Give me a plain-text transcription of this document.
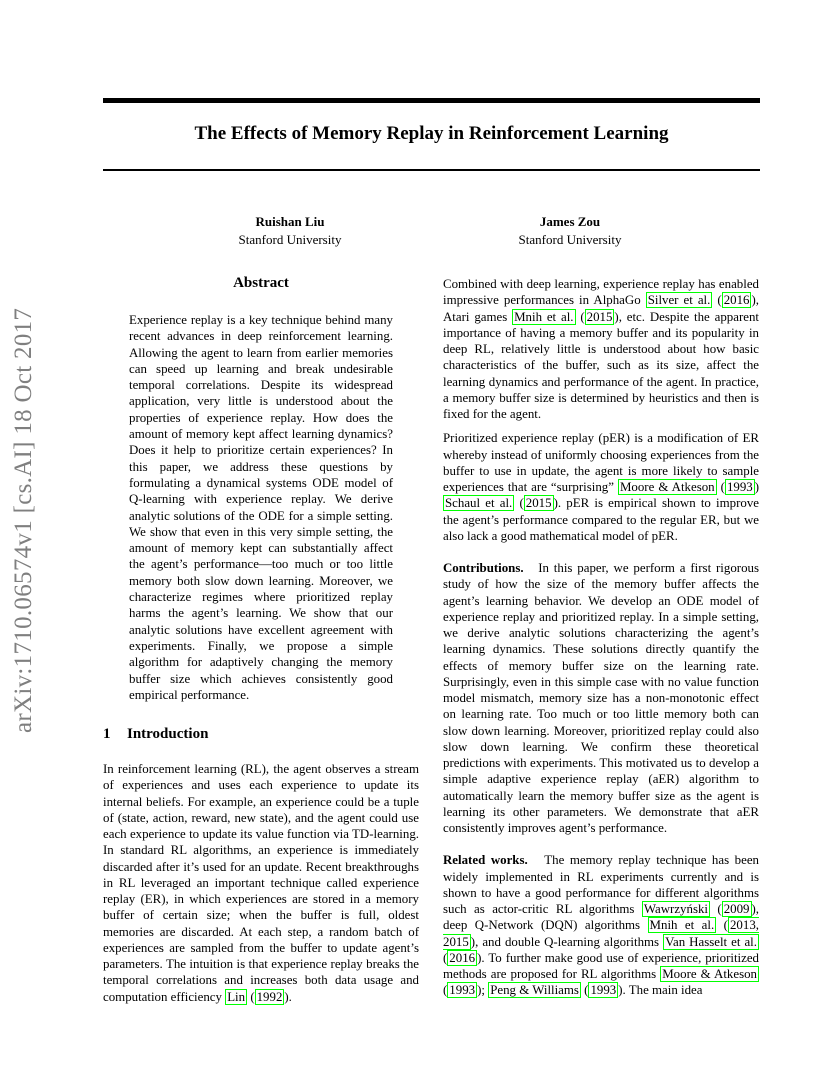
The Effects of Memory Replay in Reinforcement Learning
Ruishan Liu
Stanford University
James Zou
Stanford University
arXiv:1710.06574v1 [cs.AI] 18 Oct 2017
Abstract
Experience replay is a key technique behind many recent advances in deep reinforcement learning. Allowing the agent to learn from earlier memories can speed up learning and break undesirable temporal correlations. Despite its widespread application, very little is understood about the properties of experience replay. How does the amount of memory kept affect learning dynamics? Does it help to prioritize certain experiences? In this paper, we address these questions by formulating a dynamical systems ODE model of Q-learning with experience replay. We derive analytic solutions of the ODE for a simple setting. We show that even in this very simple setting, the amount of memory kept can substantially affect the agent’s performance—too much or too little memory both slow down learning. Moreover, we characterize regimes where prioritized replay harms the agent’s learning. We show that our analytic solutions have excellent agreement with experiments. Finally, we propose a simple algorithm for adaptively changing the memory buffer size which achieves consistently good empirical performance.
1 Introduction

In reinforcement learning (RL), the agent observes a stream of experiences and uses each experience to update its internal beliefs. For example, an experience could be a tuple of (state, action, reward, new state), and the agent could use each experience to update its value function via TD-learning. In standard RL algorithms, an experience is immediately discarded after it’s used for an update. Recent breakthroughs in RL leveraged an important technique called experience replay (ER), in which experiences are stored in a memory buffer of certain size; when the buffer is full, oldest memories are discarded. At each step, a random batch of experiences are sampled from the buffer to update agent’s parameters. The intuition is that experience replay breaks the temporal correlations and increases both data usage and computation efficiency Lin ( 1992 ).

Combined with deep learning, experience replay has enabled impressive performances in AlphaGo Silver et al. ( 2016 ), Atari games Mnih et al. ( 2015 ), etc. Despite the apparent importance of having a memory buffer and its popularity in deep RL, relatively little is understood about how basic characteristics of the buffer, such as its size, affect the learning dynamics and performance of the agent. In practice, a memory buffer size is determined by heuristics and then is fixed for the agent.

Prioritized experience replay (pER) is a modification of ER whereby instead of uniformly choosing experiences from the buffer to use in update, the agent is more likely to sample experiences that are “surprising” Moore & Atkeson ( 1993 ) Schaul et al. ( 2015 ). pER is empirical shown to improve the agent’s performance compared to the regular ER, but we also lack a good mathematical model of pER.

Contributions. In this paper, we perform a first rigorous study of how the size of the memory buffer affects the agent’s learning behavior. We develop an ODE model of experience replay and prioritized replay. In a simple setting, we derive analytic solutions characterizing the agent’s learning dynamics. These solutions directly quantify the effects of memory buffer size on the learning rate. Surprisingly, even in this simple case with no value function model mismatch, memory size has a non-monotonic effect on learning rate. Too much or too little memory both can slow down learning. Moreover, prioritized replay could also slow down learning. We confirm these theoretical predictions with experiments. This motivated us to develop a simple adaptive experience replay (aER) algorithm to automatically learn the memory buffer size as the agent is learning its other parameters. We demonstrate that aER consistently improves agent’s performance.

Related works. The memory replay technique has been widely implemented in RL experiments currently and is shown to have a good performance for different algorithms such as actor-critic RL algorithms Wawrzyński ( 2009 ), deep Q-Network (DQN) algorithms Mnih et al. ( 2013, 2015 ), and double Q-learning algorithms Van Hasselt et al. ( 2016 ). To further make good use of experience, prioritized methods are proposed for RL algorithms Moore & Atkeson ( 1993 ); Peng & Williams ( 1993 ). The main idea
